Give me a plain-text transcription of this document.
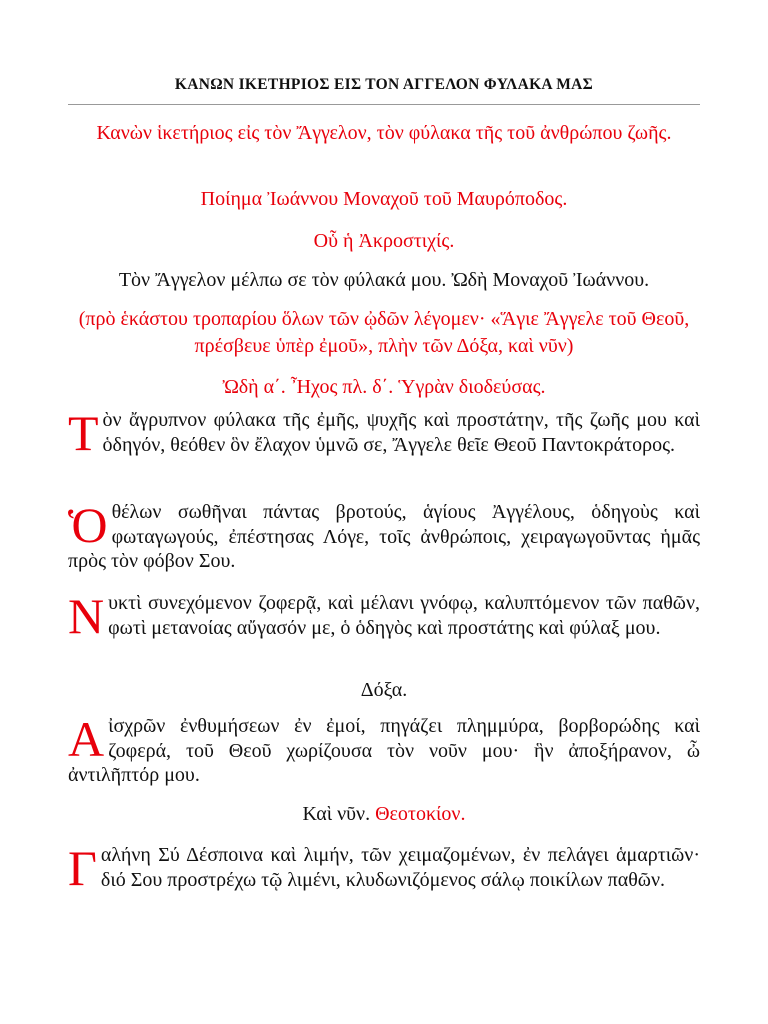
ΚΑΝΩΝ ΙΚΕΤΗΡΙΟΣ ΕΙΣ ΤΟΝ ΑΓΓΕΛΟΝ ΦΥΛΑΚΑ ΜΑΣ

Κανὼν ἱκετήριος εἰς τὸν Ἄγγελον, τὸν φύλακα τῆς τοῦ ἀνθρώπου ζωῆς.

Ποίημα Ἰωάννου Μοναχοῦ τοῦ Μαυρόποδος.

Οὗ ἡ Ἀκροστιχίς.

Τὸν Ἄγγελον μέλπω σε τὸν φύλακά μου. Ὠδὴ Μοναχοῦ Ἰωάννου.

(πρὸ ἑκάστου τροπαρίου ὅλων τῶν ᾠδῶν λέγομεν· «Ἅγιε Ἄγγελε τοῦ Θεοῦ, πρέσβευε ὑπὲρ ἐμοῦ», πλὴν τῶν Δόξα, καὶ νῦν)

Ὠδὴ α΄. Ἦχος πλ. δ΄. Ὑγρὰν διοδεύσας.

Τὸν ἄγρυπνον φύλακα τῆς ἐμῆς, ψυχῆς καὶ προστάτην, τῆς ζωῆς μου καὶ ὁδηγόν, θεόθεν ὃν ἔλαχον ὑμνῶ σε, Ἄγγελε θεῖε Θεοῦ Παντοκράτορος.

Ὁθέλων σωθῆναι πάντας βροτούς, ἁγίους Ἀγγέλους, ὁδηγοὺς καὶ φωταγωγούς, ἐπέστησας Λόγε, τοῖς ἀνθρώποις, χειραγωγοῦντας ἡμᾶς πρὸς τὸν φόβον Σου.

Νυκτὶ συνεχόμενον ζοφερᾷ, καὶ μέλανι γνόφῳ, καλυπτόμενον τῶν παθῶν, φωτὶ μετανοίας αὔγασόν με, ὁ ὁδηγὸς καὶ προστάτης καὶ φύλαξ μου.

Δόξα.

Αἰσχρῶν ἐνθυμήσεων ἐν ἐμοί, πηγάζει πλημμύρα, βορβορώδης καὶ ζοφερά, τοῦ Θεοῦ χωρίζουσα τὸν νοῦν μου· ἣν ἀποξήρανον, ὦ ἀντιλῆπτόρ μου.

Καὶ νῦν. Θεοτοκίον.

Γαλήνη Σύ Δέσποινα καὶ λιμήν, τῶν χειμαζομένων, ἐν πελάγει ἁμαρτιῶν· διό Σου προστρέχω τῷ λιμένι, κλυδωνιζόμενος σάλῳ ποικίλων παθῶν.
